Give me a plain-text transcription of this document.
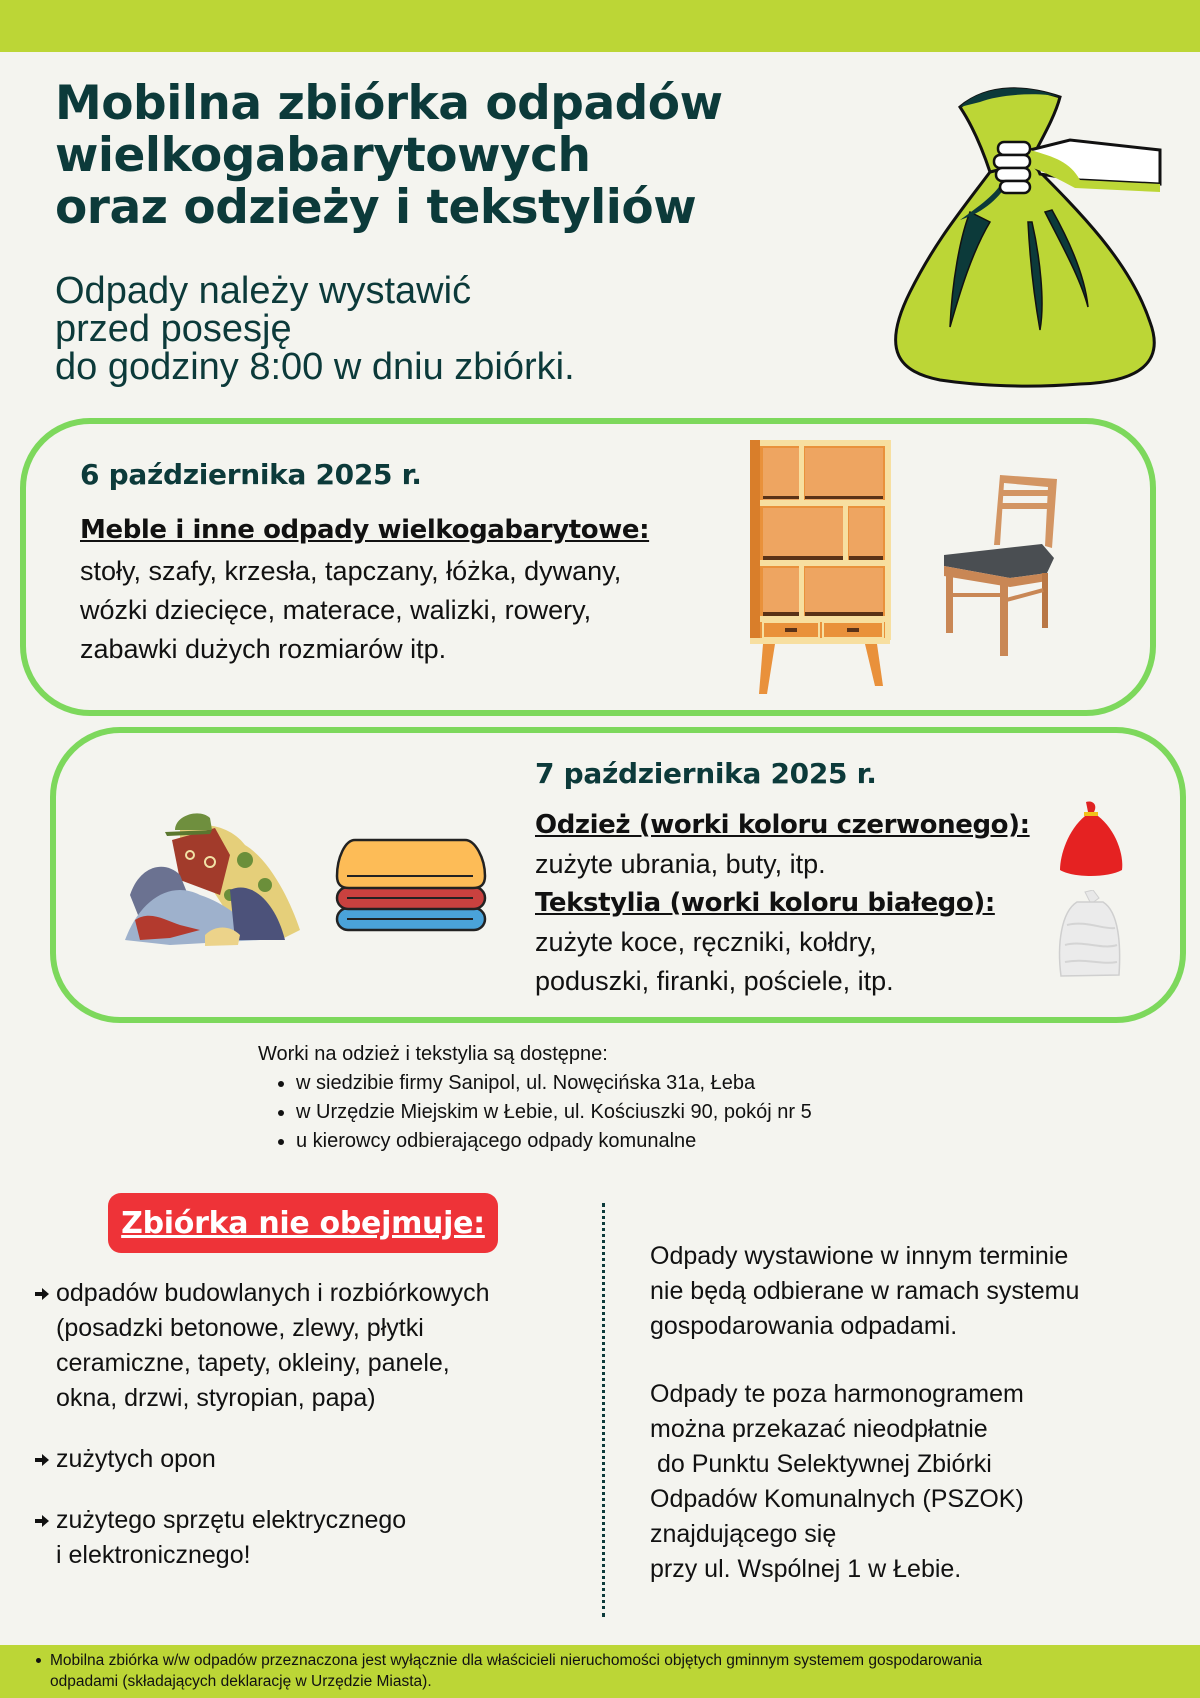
Mobilna zbiórka odpadów
wielkogabarytowych
oraz odzieży i tekstyliów
Odpady należy wystawić
przed posesję
do godziny 8:00 w dniu zbiórki.
6 października 2025 r.
Meble i inne odpady wielkogabarytowe:
stoły, szafy, krzesła, tapczany, łóżka, dywany,
wózki dziecięce, materace, walizki, rowery,
zabawki dużych rozmiarów itp.
7 października 2025 r.
Odzież (worki koloru czerwonego):
zużyte ubrania, buty, itp.
Tekstylia (worki koloru białego):
zużyte koce, ręczniki, kołdry,
poduszki, firanki, pościele, itp.

Worki na odzież i tekstylia są dostępne:

w siedzibie firmy Sanipol, ul. Nowęcińska 31a, Łeba
w Urzędzie Miejskim w Łebie, ul. Kościuszki 90, pokój nr 5
u kierowcy odbierającego odpady komunalne
Zbiórka nie obejmuje:
odpadów budowlanych i rozbiórkowych
(posadzki betonowe, zlewy, płytki
ceramiczne, tapety, okleiny, panele,
okna, drzwi, styropian, papa)
zużytych opon
zużytego sprzętu elektrycznego
i elektronicznego!
Odpady wystawione w innym terminie
nie będą odbierane w ramach systemu
gospodarowania odpadami.
Odpady te poza harmonogramem
można przekazać nieodpłatnie
do Punktu Selektywnej Zbiórki
Odpadów Komunalnych (PSZOK)
znajdującego się
przy ul. Wspólnej 1 w Łebie.
Mobilna zbiórka w/w odpadów przeznaczona jest wyłącznie dla właścicieli nieruchomości objętych gminnym systemem gospodarowania
odpadami (składających deklarację w Urzędzie Miasta).
